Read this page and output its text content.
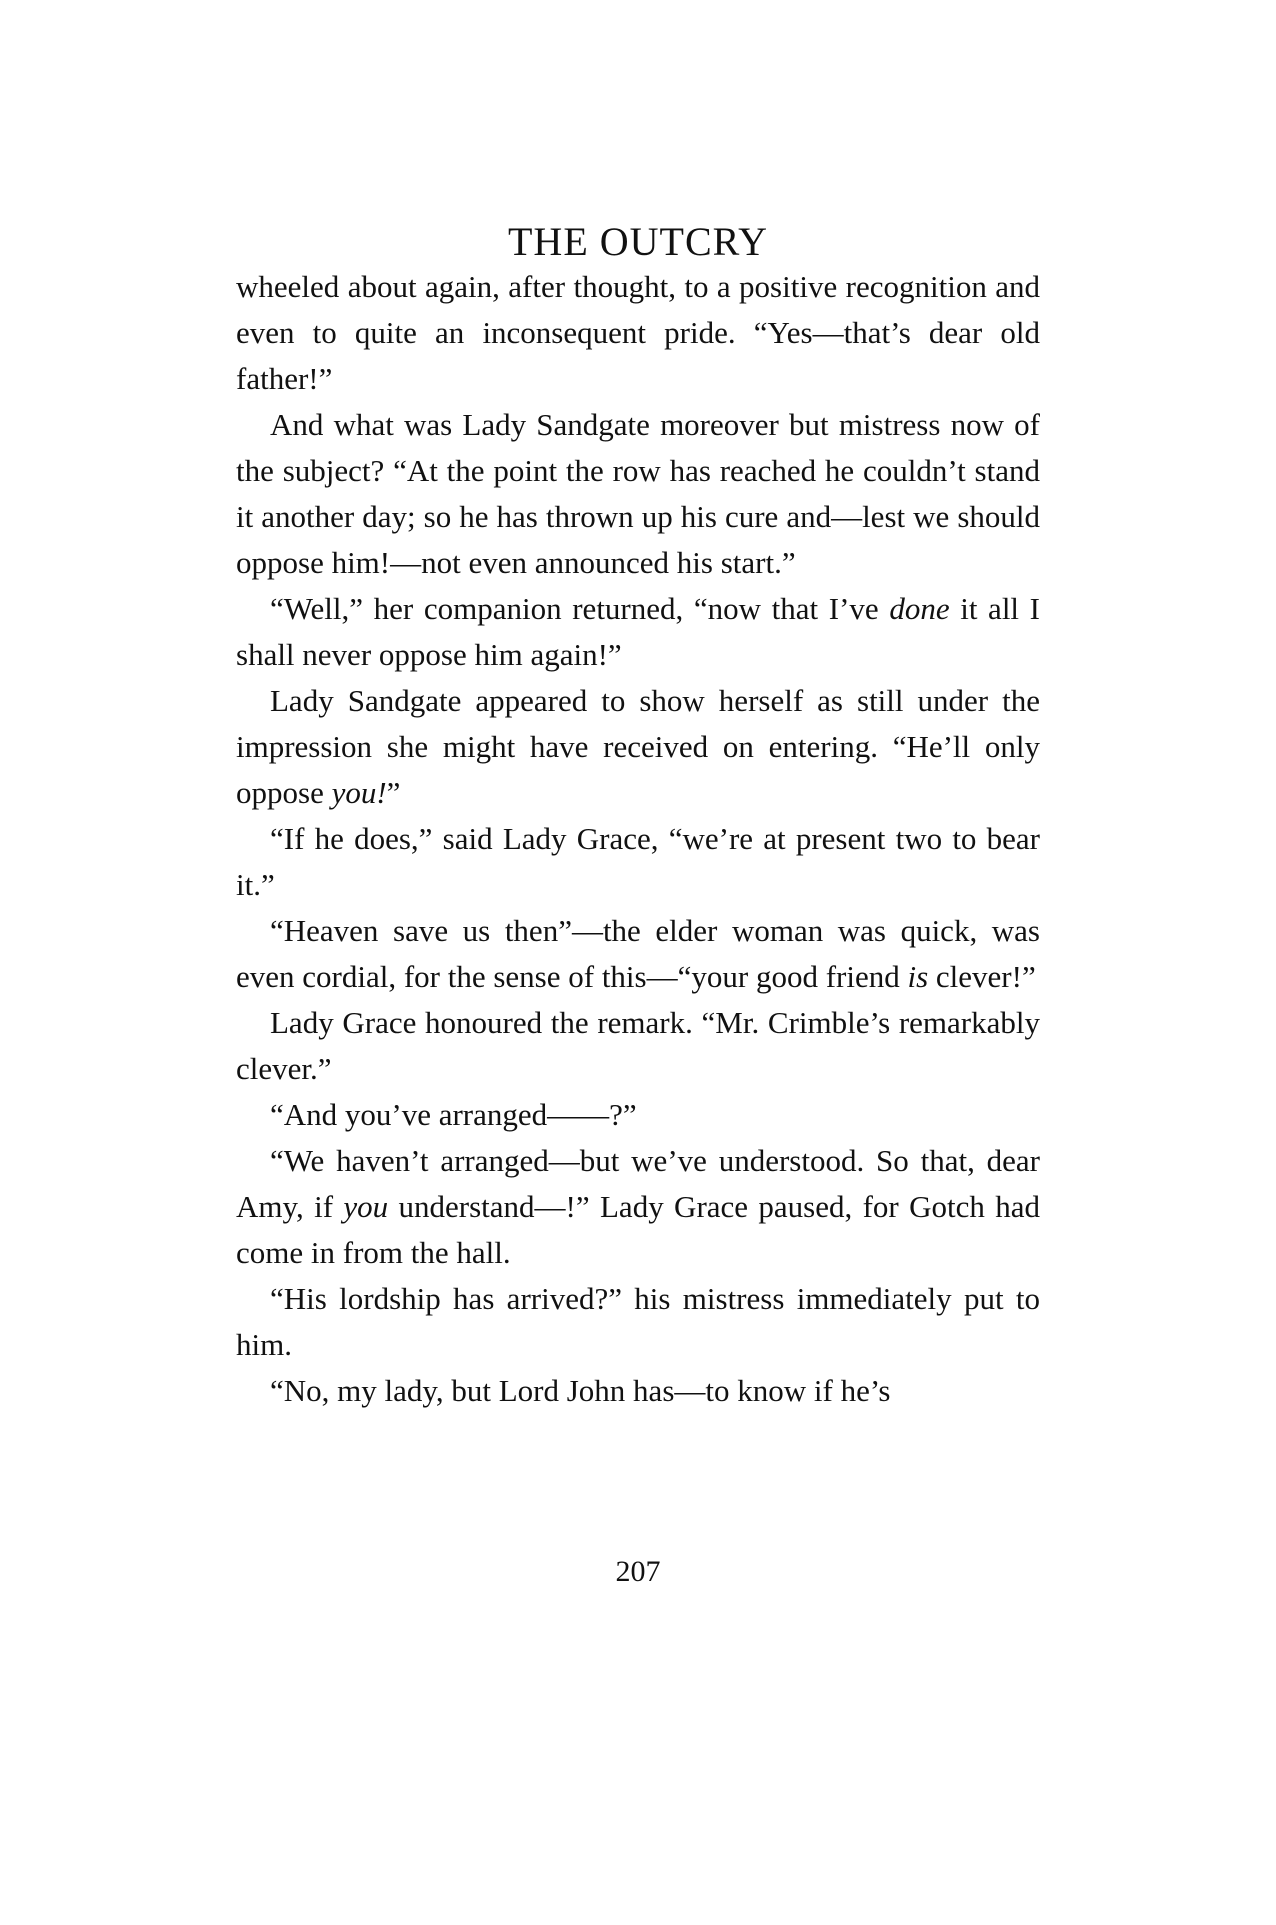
THE OUTCRY

wheeled about again, after thought, to a positive recognition and even to quite an inconsequent pride. “Yes—that’s dear old father!”

And what was Lady Sandgate moreover but mistress now of the subject? “At the point the row has reached he couldn’t stand it another day; so he has thrown up his cure and—lest we should oppose him!—not even announced his start.”

“Well,” her companion returned, “now that I’ve done it all I shall never oppose him again!”

Lady Sandgate appeared to show herself as still under the impression she might have received on entering. “He’ll only oppose you!”

“If he does,” said Lady Grace, “we’re at present two to bear it.”

“Heaven save us then”—the elder woman was quick, was even cordial, for the sense of this—“your good friend is clever!”

Lady Grace honoured the remark. “Mr. Crimble’s remarkably clever.”

“And you’ve arranged——?”

“We haven’t arranged—but we’ve understood. So that, dear Amy, if you understand—!” Lady Grace paused, for Gotch had come in from the hall.

“His lordship has arrived?” his mistress immediately put to him.

“No, my lady, but Lord John has—to know if he’s

207
